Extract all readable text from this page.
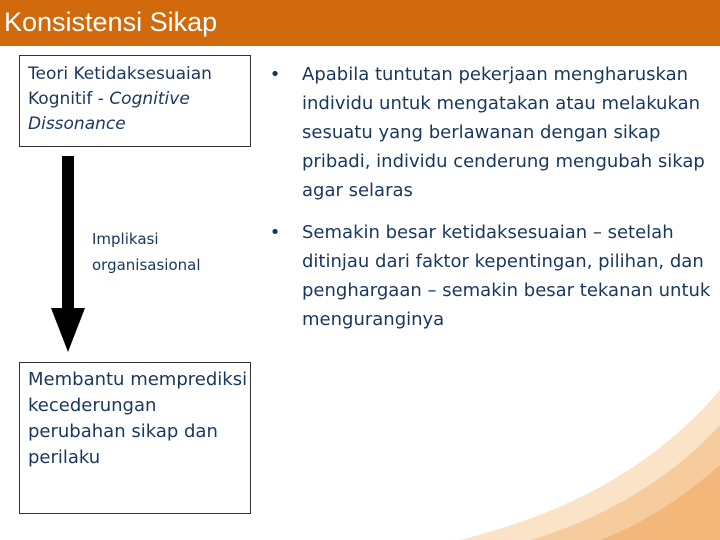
Konsistensi Sikap
Teori Ketidaksesuaian
Kognitif - Cognitive
Dissonance
Implikasi
organisasional
Membantu memprediksi kecederungan perubahan sikap dan perilaku
•	Apabila tuntutan pekerjaan mengharuskan individu untuk mengatakan atau melakukan sesuatu yang berlawanan dengan sikap pribadi, individu cenderung mengubah sikap agar selaras
•	Semakin besar ketidaksesuaian – setelah ditinjau dari faktor kepentingan, pilihan, dan penghargaan – semakin besar tekanan untuk menguranginya
